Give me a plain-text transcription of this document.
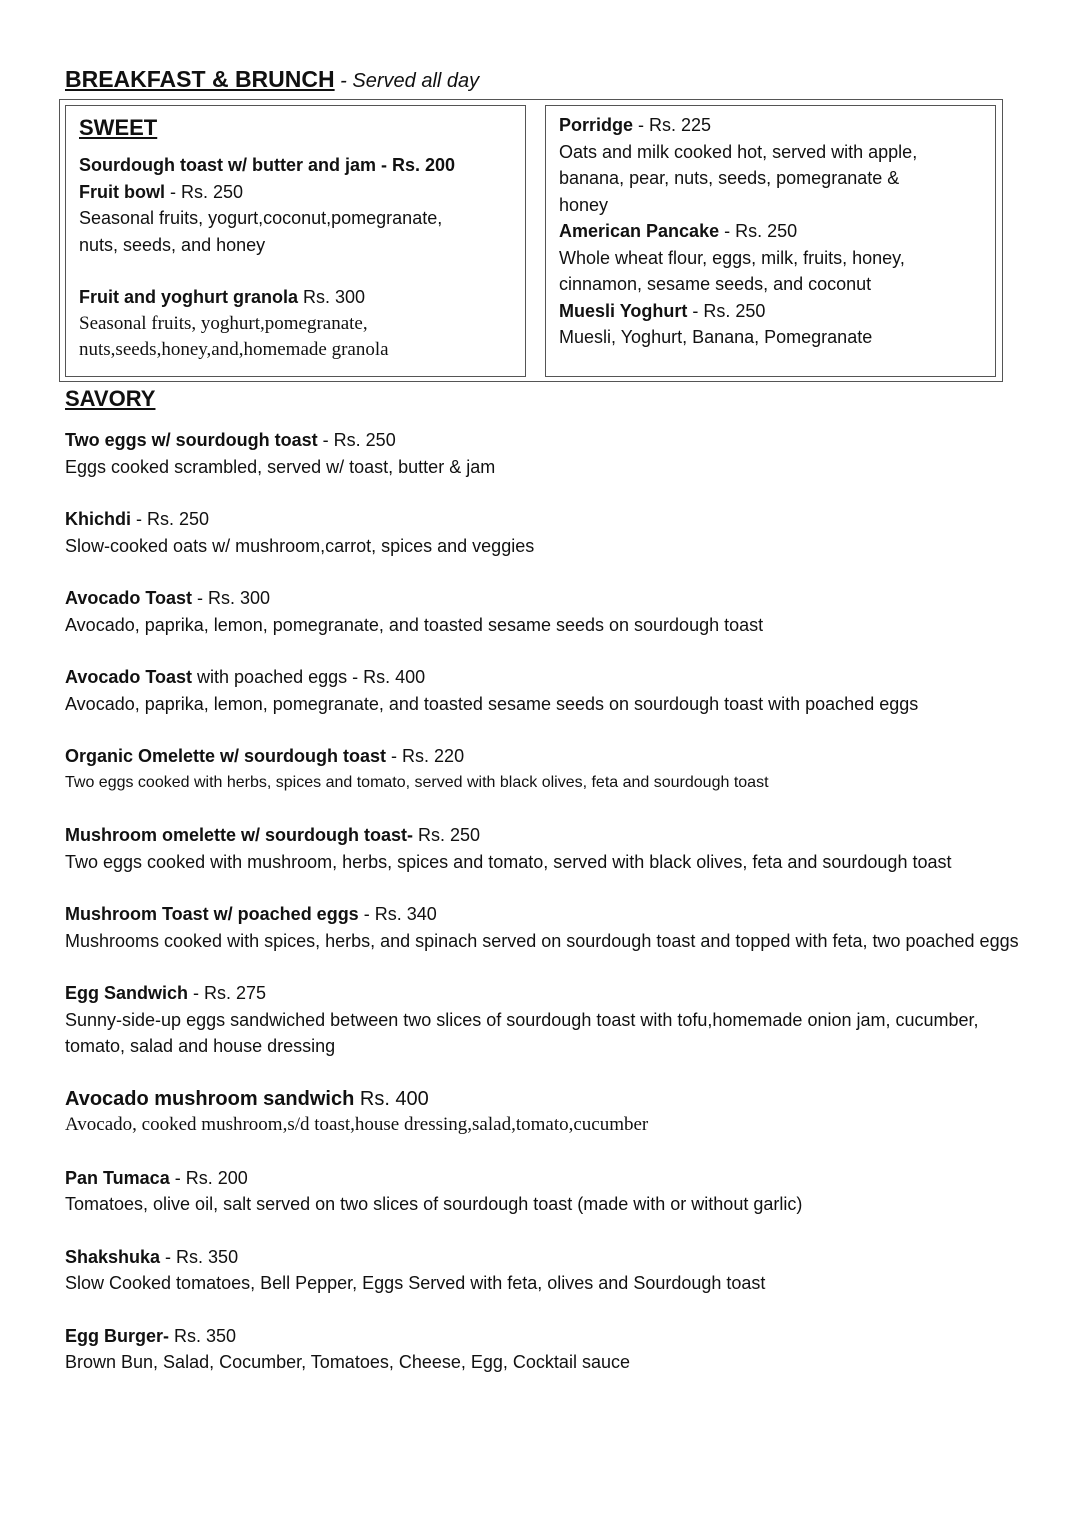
BREAKFAST & BRUNCH - Served all day
SWEET
Sourdough toast w/ butter and jam - Rs. 200
Fruit bowl - Rs. 250
Seasonal fruits, yogurt,coconut,pomegranate,
nuts, seeds, and honey
Fruit and yoghurt granola Rs. 300
Seasonal fruits, yoghurt,pomegranate,
nuts,seeds,honey,and,homemade granola
Porridge - Rs. 225
Oats and milk cooked hot, served with apple,
banana, pear, nuts, seeds, pomegranate &
honey
American Pancake - Rs. 250
Whole wheat flour, eggs, milk, fruits, honey,
cinnamon, sesame seeds, and coconut
Muesli Yoghurt - Rs. 250
Muesli, Yoghurt, Banana, Pomegranate
SAVORY
Two eggs w/ sourdough toast - Rs. 250
Eggs cooked scrambled, served w/ toast, butter & jam
Khichdi - Rs. 250
Slow-cooked oats w/ mushroom,carrot, spices and veggies
Avocado Toast - Rs. 300
Avocado, paprika, lemon, pomegranate, and toasted sesame seeds on sourdough toast
Avocado Toast with poached eggs - Rs. 400
Avocado, paprika, lemon, pomegranate, and toasted sesame seeds on sourdough toast with poached eggs
Organic Omelette w/ sourdough toast - Rs. 220
Two eggs cooked with herbs, spices and tomato, served with black olives, feta and sourdough toast
Mushroom omelette w/ sourdough toast- Rs. 250
Two eggs cooked with mushroom, herbs, spices and tomato, served with black olives, feta and sourdough toast
Mushroom Toast w/ poached eggs - Rs. 340
Mushrooms cooked with spices, herbs, and spinach served on sourdough toast and topped with feta, two poached eggs
Egg Sandwich - Rs. 275
Sunny-side-up eggs sandwiched between two slices of sourdough toast with tofu,homemade onion jam, cucumber, tomato, salad and house dressing
Avocado mushroom sandwich Rs. 400
Avocado, cooked mushroom,s/d toast,house dressing,salad,tomato,cucumber
Pan Tumaca - Rs. 200
Tomatoes, olive oil, salt served on two slices of sourdough toast (made with or without garlic)
Shakshuka - Rs. 350
Slow Cooked tomatoes, Bell Pepper, Eggs Served with feta, olives and Sourdough toast
Egg Burger- Rs. 350
Brown Bun, Salad, Cocumber, Tomatoes, Cheese, Egg, Cocktail sauce
